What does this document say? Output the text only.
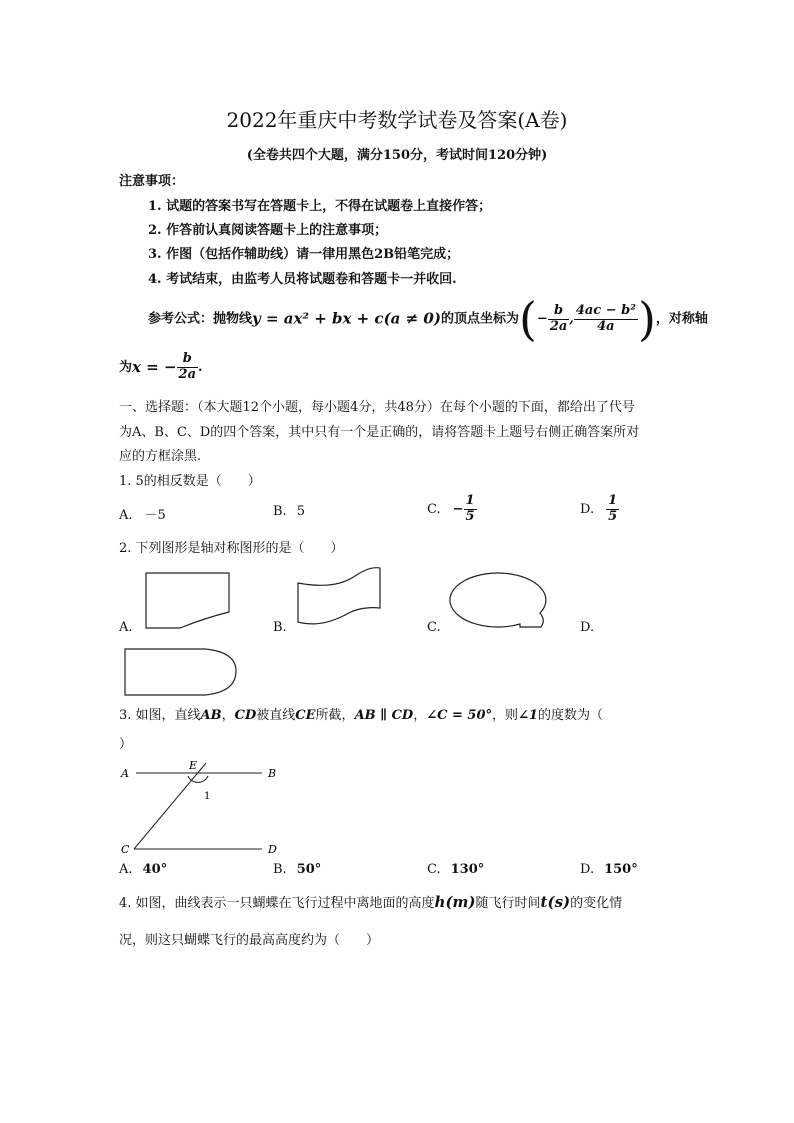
2022年重庆中考数学试卷及答案(A卷)
(全卷共四个大题，满分150分，考试时间120分钟)
注意事项：
1. 试题的答案书写在答题卡上，不得在试题卷上直接作答；
2. 作答前认真阅读答题卡上的注意事项；
3. 作图（包括作辅助线）请一律用黑色2B铅笔完成；
4. 考试结束，由监考人员将试题卷和答题卡一并收回.
参考公式：抛物线y = ax² + bx + c(a ≠ 0)的顶点坐标为(− $\frac{b}{2a}$ , $\frac{\text{4ac − b²}}{4a}$ )，对称轴
为x = − $\frac{b}{2a}$ .
一、选择题：（本大题12个小题，每小题4分，共48分）在每个小题的下面，都给出了代号
为A、B、C、D的四个答案，其中只有一个是正确的，请将答题卡上题号右侧正确答案所对
应的方框涂黑.
1. 5的相反数是（　　）
A. －5	B. 5	C. − $\frac{1}{5}$	D. $\frac{1}{5}$
2. 下列图形是轴对称图形的是（　　）
A.	B.	C.	D.
3. 如图，直线AB，CD被直线CE所截，AB ∥ CD，∠C = 50°，则∠1的度数为（
）
A	B
C	D
E
1
A. 40°	B. 50°	C. 130°	D. 150°
4. 如图，曲线表示一只蝴蝶在飞行过程中离地面的高度h(m)随飞行时间t(s)的变化情
况，则这只蝴蝶飞行的最高高度约为（　　）
